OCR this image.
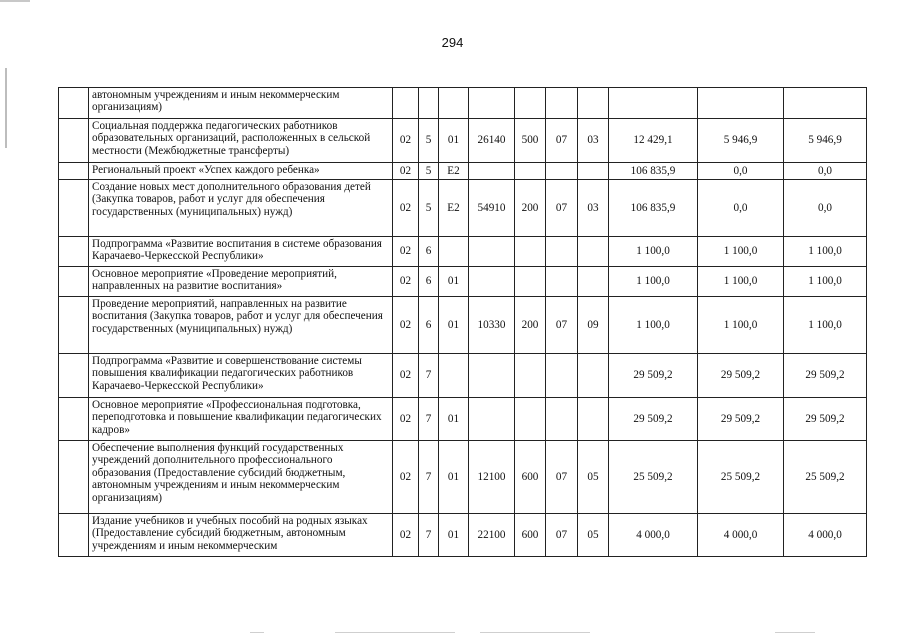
294
	автономным учреждениям и иным некоммерческим организациям)										
	Социальная поддержка педагогических работников образовательных организаций, расположенных в сельской местности (Межбюджетные трансферты)	02	5	01	26140	500	07	03	12 429,1	5 946,9	5 946,9
	Региональный проект «Успех каждого ребенка»	02	5	E2					106 835,9	0,0	0,0
	Создание новых мест дополнительного образования детей (Закупка товаров, работ и услуг для обеспечения государственных (муниципальных) нужд)	02	5	E2	54910	200	07	03	106 835,9	0,0	0,0
	Подпрограмма «Развитие воспитания в системе образования Карачаево-Черкесской Республики»	02	6						1 100,0	1 100,0	1 100,0
	Основное мероприятие «Проведение мероприятий, направленных на развитие воспитания»	02	6	01					1 100,0	1 100,0	1 100,0
	Проведение мероприятий, направленных на развитие воспитания (Закупка товаров, работ и услуг для обеспечения государственных (муниципальных) нужд)	02	6	01	10330	200	07	09	1 100,0	1 100,0	1 100,0
	Подпрограмма «Развитие и совершенствование системы повышения квалификации педагогических работников Карачаево-Черкесской Республики»	02	7						29 509,2	29 509,2	29 509,2
	Основное мероприятие «Профессиональная подготовка, переподготовка и повышение квалификации педагогических кадров»	02	7	01					29 509,2	29 509,2	29 509,2
	Обеспечение выполнения функций государственных учреждений дополнительного профессионального образования (Предоставление субсидий бюджетным, автономным учреждениям и иным некоммерческим организациям)	02	7	01	12100	600	07	05	25 509,2	25 509,2	25 509,2
	Издание учебников и учебных пособий на родных языках (Предоставление субсидий бюджетным, автономным учреждениям и иным некоммерческим	02	7	01	22100	600	07	05	4 000,0	4 000,0	4 000,0
